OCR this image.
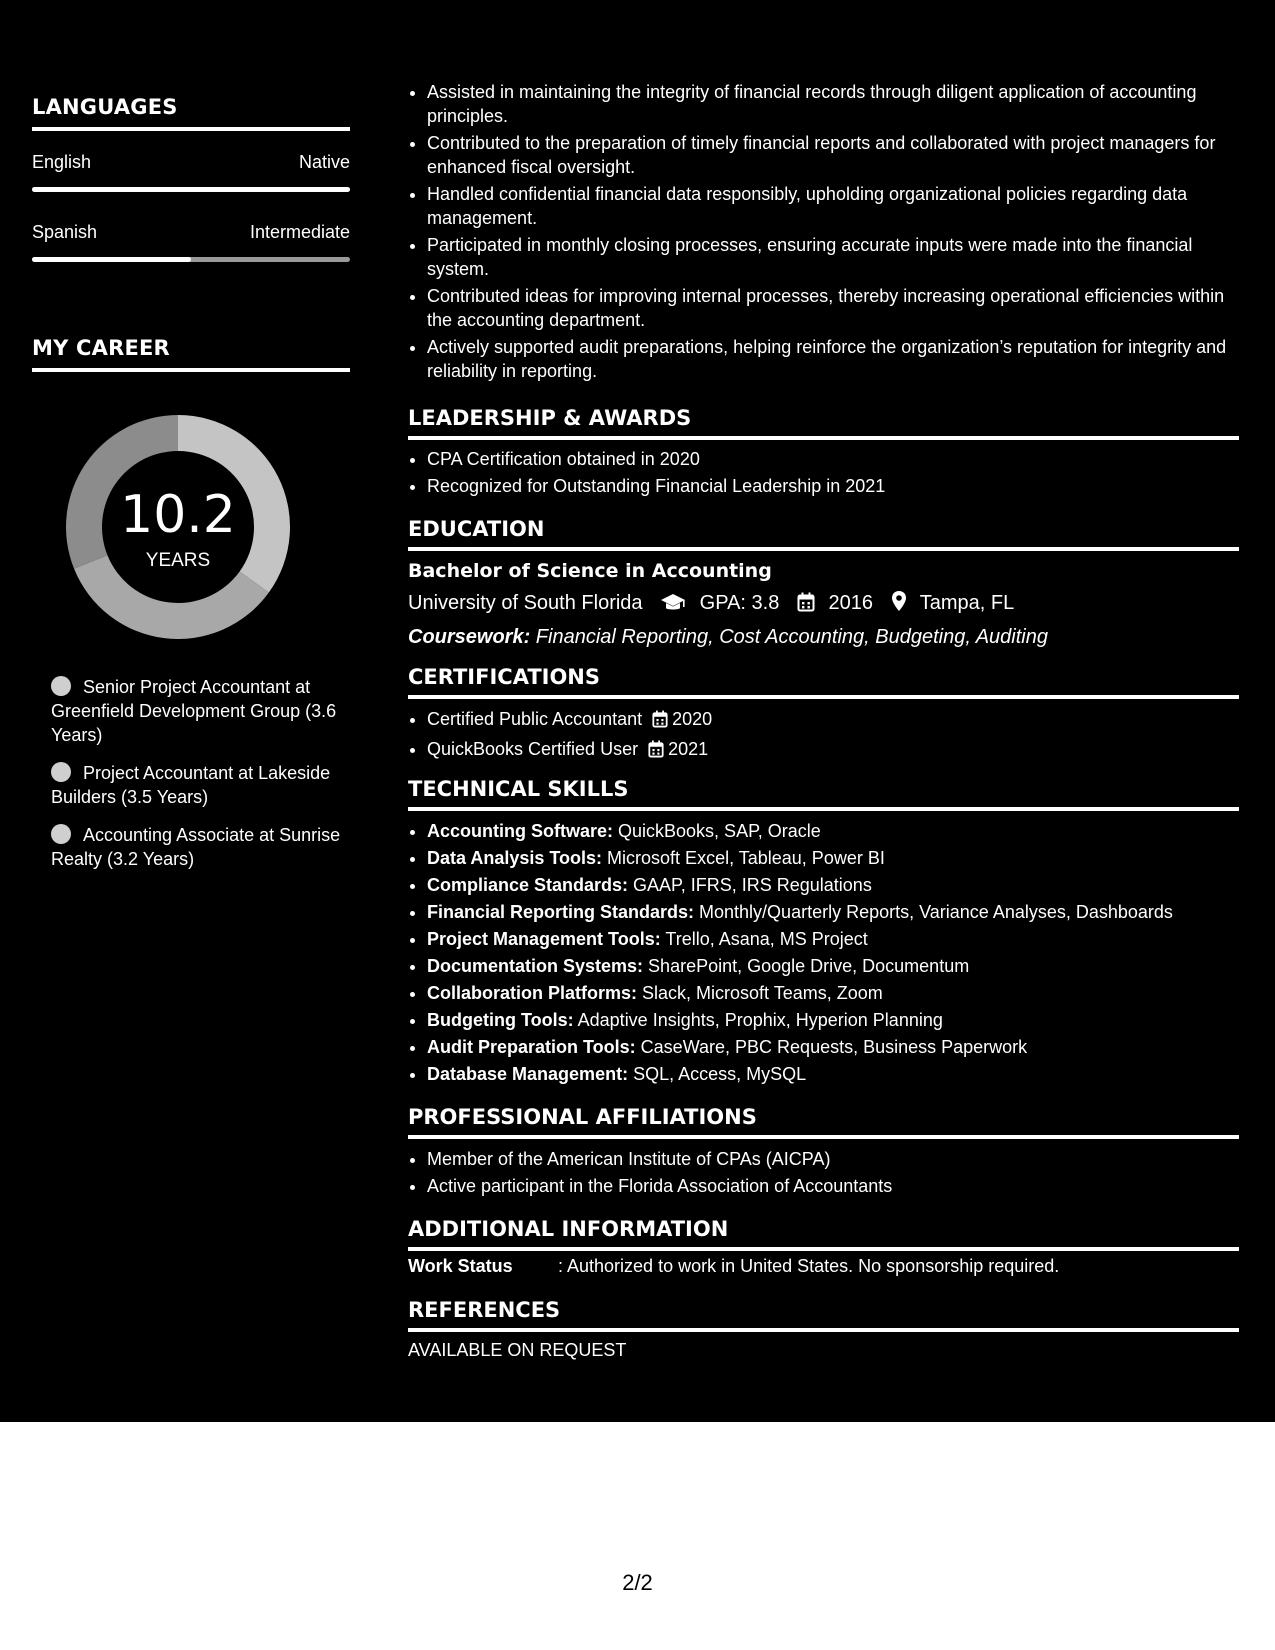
LANGUAGES
English	Native
Spanish	Intermediate
MY CAREER
10.2
YEARS
Senior Project Accountant at Greenfield Development Group (3.6 Years)
Project Accountant at Lakeside Builders (3.5 Years)
Accounting Associate at Sunrise Realty (3.2 Years)
• Assisted in maintaining the integrity of financial records through diligent application of accounting principles.
• Contributed to the preparation of timely financial reports and collaborated with project managers for enhanced fiscal oversight.
• Handled confidential financial data responsibly, upholding organizational policies regarding data management.
• Participated in monthly closing processes, ensuring accurate inputs were made into the financial system.
• Contributed ideas for improving internal processes, thereby increasing operational efficiencies within the accounting department.
• Actively supported audit preparations, helping reinforce the organization’s reputation for integrity and reliability in reporting.
LEADERSHIP & AWARDS
• CPA Certification obtained in 2020
• Recognized for Outstanding Financial Leadership in 2021
EDUCATION
Bachelor of Science in Accounting
University of South Florida	GPA: 3.8 2016 Tampa, FL
Coursework: Financial Reporting, Cost Accounting, Budgeting, Auditing
CERTIFICATIONS
• Certified Public Accountant 2020
• QuickBooks Certified User 2021
TECHNICAL SKILLS
• Accounting Software: QuickBooks, SAP, Oracle
• Data Analysis Tools: Microsoft Excel, Tableau, Power BI
• Compliance Standards: GAAP, IFRS, IRS Regulations
• Financial Reporting Standards: Monthly/Quarterly Reports, Variance Analyses, Dashboards
• Project Management Tools: Trello, Asana, MS Project
• Documentation Systems: SharePoint, Google Drive, Documentum
• Collaboration Platforms: Slack, Microsoft Teams, Zoom
• Budgeting Tools: Adaptive Insights, Prophix, Hyperion Planning
• Audit Preparation Tools: CaseWare, PBC Requests, Business Paperwork
• Database Management: SQL, Access, MySQL
PROFESSIONAL AFFILIATIONS
• Member of the American Institute of CPAs (AICPA)
• Active participant in the Florida Association of Accountants
ADDITIONAL INFORMATION
Work Status	: Authorized to work in United States. No sponsorship required.
REFERENCES
AVAILABLE ON REQUEST
2/2
